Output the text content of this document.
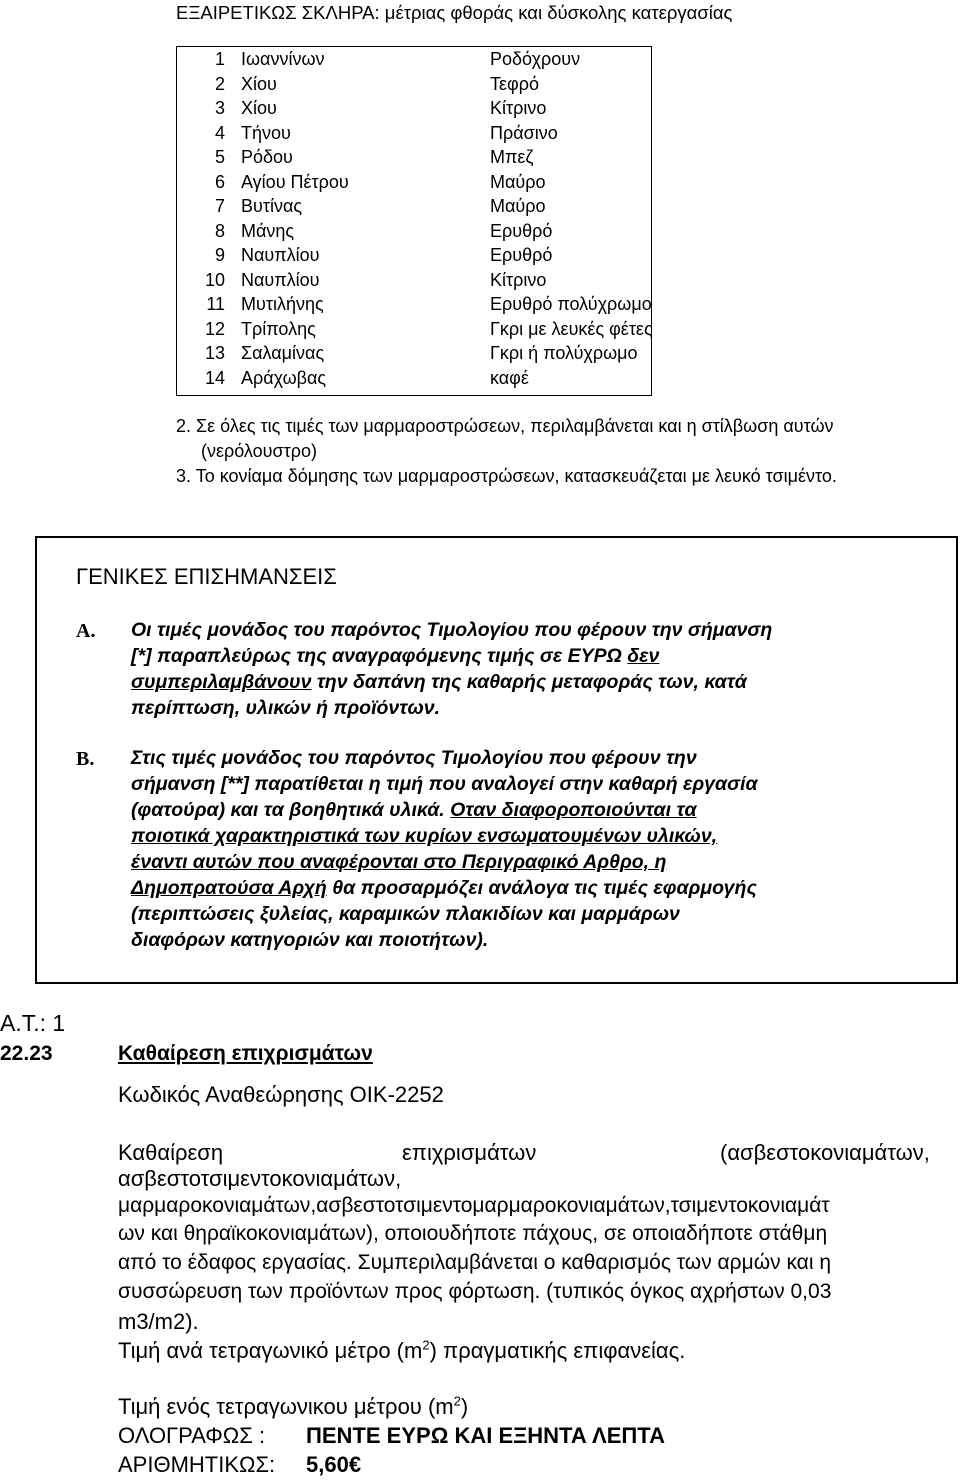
ΕΞΑΙΡΕΤΙΚΩΣ ΣΚΛΗΡΑ: μέτριας φθοράς και δύσκολης κατεργασίας
1 Ιωαννίνων	Ροδόχρουν
2 Χίου	Τεφρό
3 Χίου	Κίτρινο
4 Τήνου	Πράσινο
5 Ρόδου	Μπεζ
6 Αγίου Πέτρου	Μαύρο
7 Βυτίνας	Μαύρο
8 Μάνης	Ερυθρό
9 Ναυπλίου	Ερυθρό
10 Ναυπλίου	Κίτρινο
11 Μυτιλήνης	Ερυθρό πολύχρωμο
12 Τρίπολης	Γκρι με λευκές φέτες
13 Σαλαμίνας	Γκρι ή πολύχρωμο
14 Αράχωβας	καφέ
2. Σε όλες τις τιμές των μαρμαροστρώσεων, περιλαμβάνεται και η στίλβωση αυτών
(νερόλουστρο)
3. Το κονίαμα δόμησης των μαρμαροστρώσεων, κατασκευάζεται με λευκό τσιμέντο.
ΓΕΝΙΚΕΣ ΕΠΙΣΗΜΑΝΣΕΙΣ
Α. Οι τιμές μονάδος του παρόντος Τιμολογίου που φέρουν την σήμανση
[*] παραπλεύρως της αναγραφόμενης τιμής σε ΕΥΡΩ δεν
συμπεριλαμβάνουν την δαπάνη της καθαρής μεταφοράς των, κατά
περίπτωση, υλικών ή προϊόντων.
Β. Στις τιμές μονάδος του παρόντος Τιμολογίου που φέρουν την
σήμανση [**] παρατίθεται η τιμή που αναλογεί στην καθαρή εργασία
(φατούρα) και τα βοηθητικά υλικά. Οταν διαφοροποιούνται τα
ποιοτικά χαρακτηριστικά των κυρίων ενσωματουμένων υλικών,
έναντι αυτών που αναφέρονται στο Περιγραφικό Αρθρο, η
Δημοπρατούσα Αρχή θα προσαρμόζει ανάλογα τις τιμές εφαρμογής
(περιπτώσεις ξυλείας, καραμικών πλακιδίων και μαρμάρων
διαφόρων κατηγοριών και ποιοτήτων).
Α.Τ.: 1
22.23	Καθαίρεση επιχρισμάτων
Κωδικός Αναθεώρησης ΟΙΚ-2252
Καθαίρεση	επιχρισμάτων	(ασβεστοκονιαμάτων,
ασβεστοτσιμεντοκονιαμάτων,
μαρμαροκονιαμάτων,ασβεστοτσιμεντομαρμαροκονιαμάτων,τσιμεντοκονιαμάτ
ων και θηραϊκοκονιαμάτων), οποιουδήποτε πάχους, σε οποιαδήποτε στάθμη
από το έδαφος εργασίας. Συμπεριλαμβάνεται ο καθαρισμός των αρμών και η
συσσώρευση των προϊόντων προς φόρτωση. (τυπικός όγκος αχρήστων 0,03
m3/m2).
Τιμή ανά τετραγωνικό μέτρο $(m^2)$ πραγματικής επιφανείας.
Τιμή ενός τετραγωνικου μέτρου $(m^2)$
ΟΛΟΓΡΑΦΩΣ : ΠΕΝΤΕ ΕΥΡΩ ΚΑΙ ΕΞΗΝΤΑ ΛΕΠΤΑ
ΑΡΙΘΜΗΤΙΚΩΣ: 5,60€
